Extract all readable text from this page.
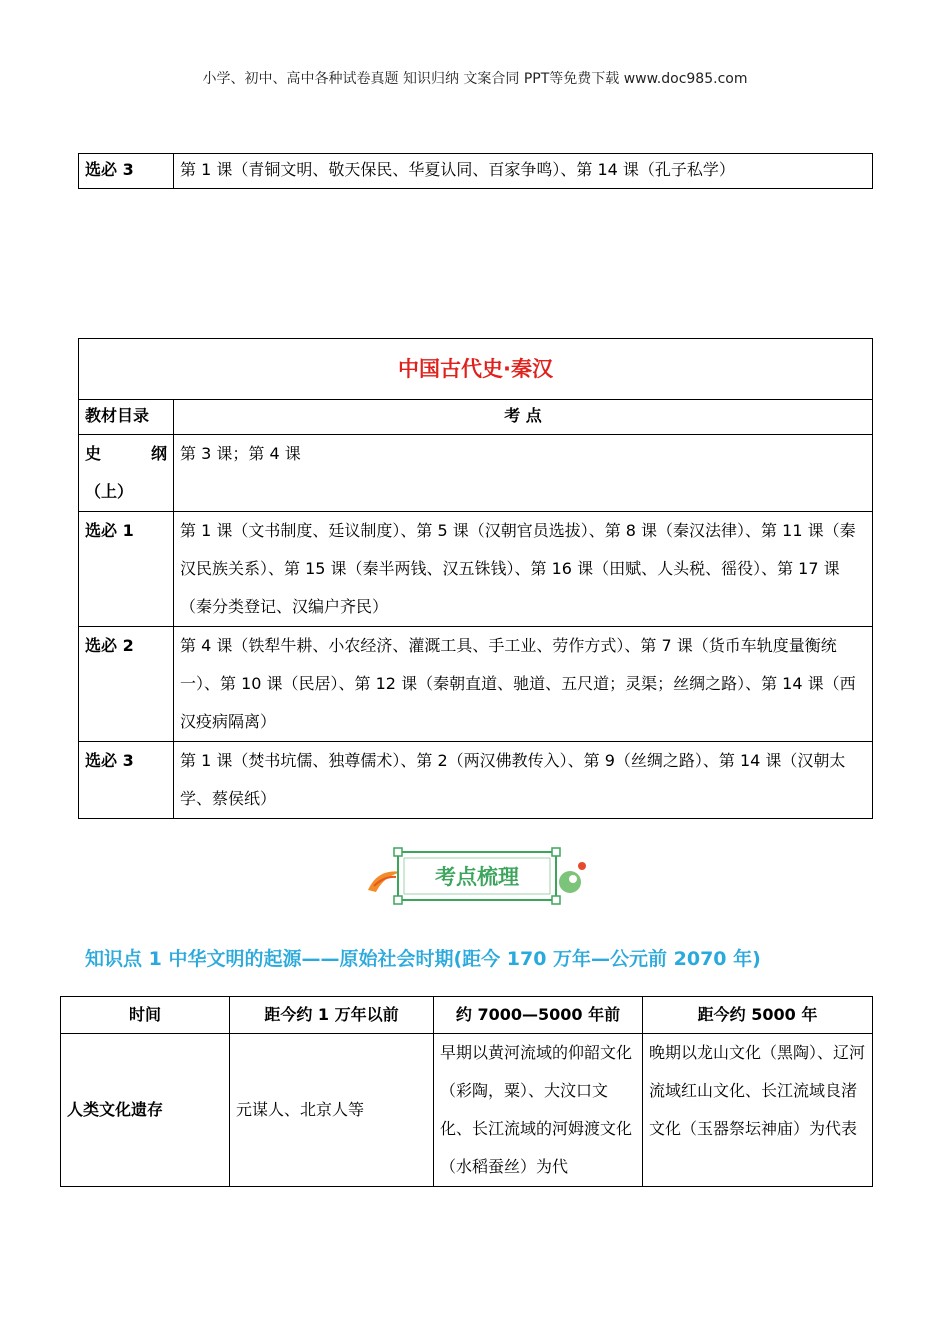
小学、初中、高中各种试卷真题 知识归纳 文案合同 PPT等免费下载 www.doc985.com
选必 3	第 1 课（青铜文明、敬天保民、华夏认同、百家争鸣）、第 14 课（孔子私学）
中国古代史·秦汉	
教材目录	考 点

史 纲
（上）	第 3 课；第 4 课
选必 1	第 1 课（文书制度、廷议制度）、第 5 课（汉朝官员选拔）、第 8 课（秦汉法律）、第 11 课（秦汉民族关系）、第 15 课（秦半两钱、汉五铢钱）、第 16 课（田赋、人头税、徭役）、第 17 课（秦分类登记、汉编户齐民）
选必 2	第 4 课（铁犁牛耕、小农经济、灌溉工具、手工业、劳作方式）、第 7 课（货币车轨度量衡统一）、第 10 课（民居）、第 12 课（秦朝直道、驰道、五尺道；灵渠；丝绸之路）、第 14 课（西汉疫病隔离）
选必 3	第 1 课（焚书坑儒、独尊儒术）、第 2（两汉佛教传入）、第 9（丝绸之路）、第 14 课（汉朝太学、蔡侯纸）
考点梳理
知识点 1 中华文明的起源——原始社会时期(距今 170 万年—公元前 2070 年)
时间	距今约 1 万年以前	约 7000—5000 年前	距今约 5000 年
人类文化遗存	元谋人、北京人等	早期以黄河流域的仰韶文化（彩陶，粟）、大汶口文化、长江流域的河姆渡文化（水稻蚕丝）为代	晚期以龙山文化（黑陶）、辽河流域红山文化、长江流域良渚文化（玉器祭坛神庙）为代表
